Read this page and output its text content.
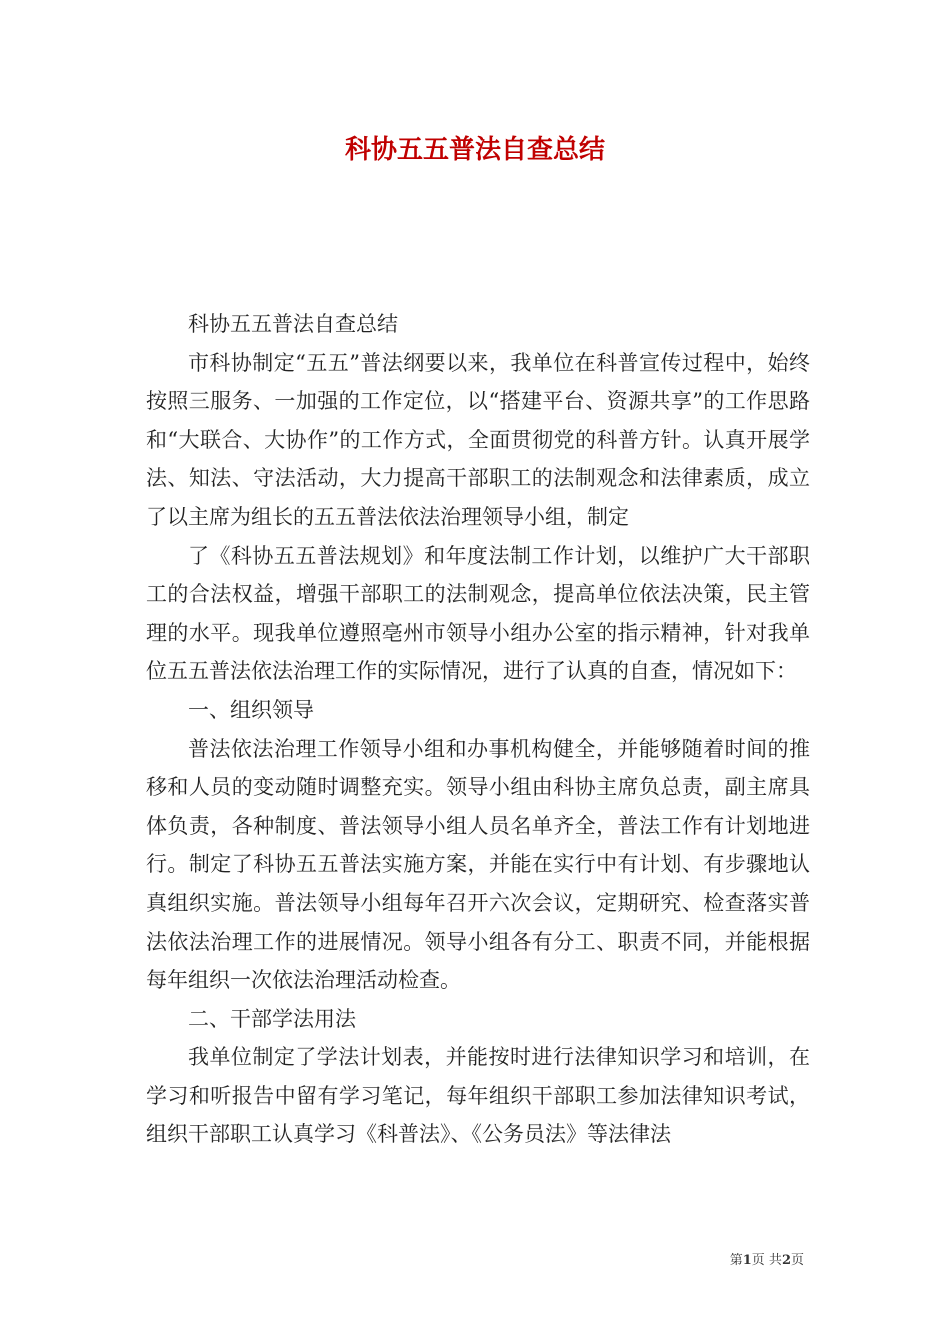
科协五五普法自查总结

科协五五普法自查总结

市科协制定“五五”普法纲要以来，我单位在科普宣传过程中，始终按照三服务、一加强的工作定位，以“搭建平台、资源共享”的工作思路和“大联合、大协作”的工作方式，全面贯彻党的科普方针。认真开展学法、知法、守法活动，大力提高干部职工的法制观念和法律素质，成立了以主席为组长的五五普法依法治理领导小组，制定

了《科协五五普法规划》和年度法制工作计划，以维护广大干部职工的合法权益，增强干部职工的法制观念，提高单位依法决策，民主管理的水平。现我单位遵照亳州市领导小组办公室的指示精神，针对我单位五五普法依法治理工作的实际情况，进行了认真的自查，情况如下：

一、组织领导

普法依法治理工作领导小组和办事机构健全，并能够随着时间的推移和人员的变动随时调整充实。领导小组由科协主席负总责，副主席具体负责，各种制度、普法领导小组人员名单齐全，普法工作有计划地进行。制定了科协五五普法实施方案，并能在实行中有计划、有步骤地认真组织实施。普法领导小组每年召开六次会议，定期研究、检查落实普法依法治理工作的进展情况。领导小组各有分工、职责不同，并能根据每年组织一次依法治理活动检查。

二、干部学法用法

我单位制定了学法计划表，并能按时进行法律知识学习和培训，在学习和听报告中留有学习笔记，每年组织干部职工参加法律知识考试，组织干部职工认真学习《科普法》、《公务员法》等法律法

第1页 共2页
